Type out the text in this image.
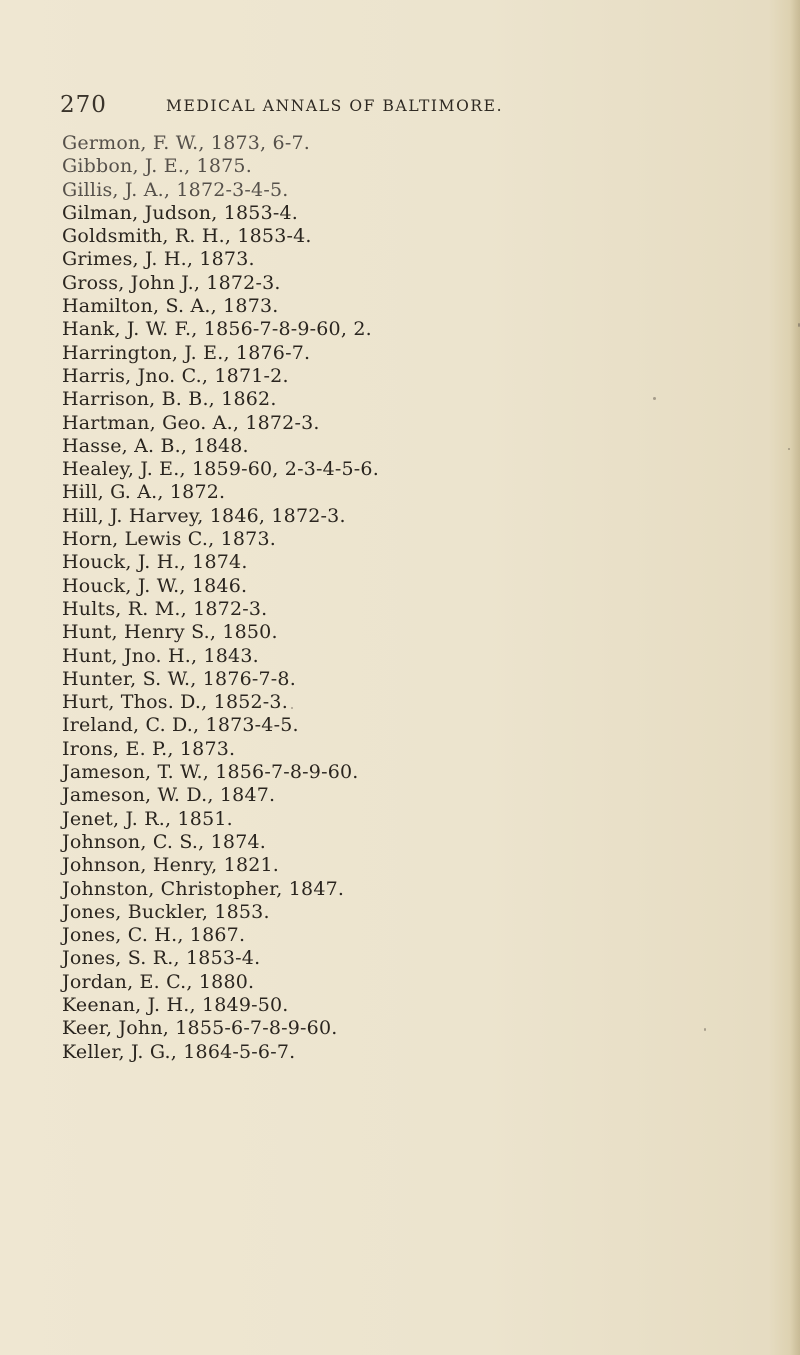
270	MEDICAL ANNALS OF BALTIMORE.
Germon, F. W., 1873, 6-7.
Gibbon, J. E., 1875.
Gillis, J. A., 1872-3-4-5.
Gilman, Judson, 1853-4.
Goldsmith, R. H., 1853-4.
Grimes, J. H., 1873.
Gross, John J., 1872-3.
Hamilton, S. A., 1873.
Hank, J. W. F., 1856-7-8-9-60, 2.
Harrington, J. E., 1876-7.
Harris, Jno. C., 1871-2.
Harrison, B. B., 1862.
Hartman, Geo. A., 1872-3.
Hasse, A. B., 1848.
Healey, J. E., 1859-60, 2-3-4-5-6.
Hill, G. A., 1872.
Hill, J. Harvey, 1846, 1872-3.
Horn, Lewis C., 1873.
Houck, J. H., 1874.
Houck, J. W., 1846.
Hults, R. M., 1872-3.
Hunt, Henry S., 1850.
Hunt, Jno. H., 1843.
Hunter, S. W., 1876-7-8.
Hurt, Thos. D., 1852-3.
Ireland, C. D., 1873-4-5.
Irons, E. P., 1873.
Jameson, T. W., 1856-7-8-9-60.
Jameson, W. D., 1847.
Jenet, J. R., 1851.
Johnson, C. S., 1874.
Johnson, Henry, 1821.
Johnston, Christopher, 1847.
Jones, Buckler, 1853.
Jones, C. H., 1867.
Jones, S. R., 1853-4.
Jordan, E. C., 1880.
Keenan, J. H., 1849-50.
Keer, John, 1855-6-7-8-9-60.
Keller, J. G., 1864-5-6-7.
